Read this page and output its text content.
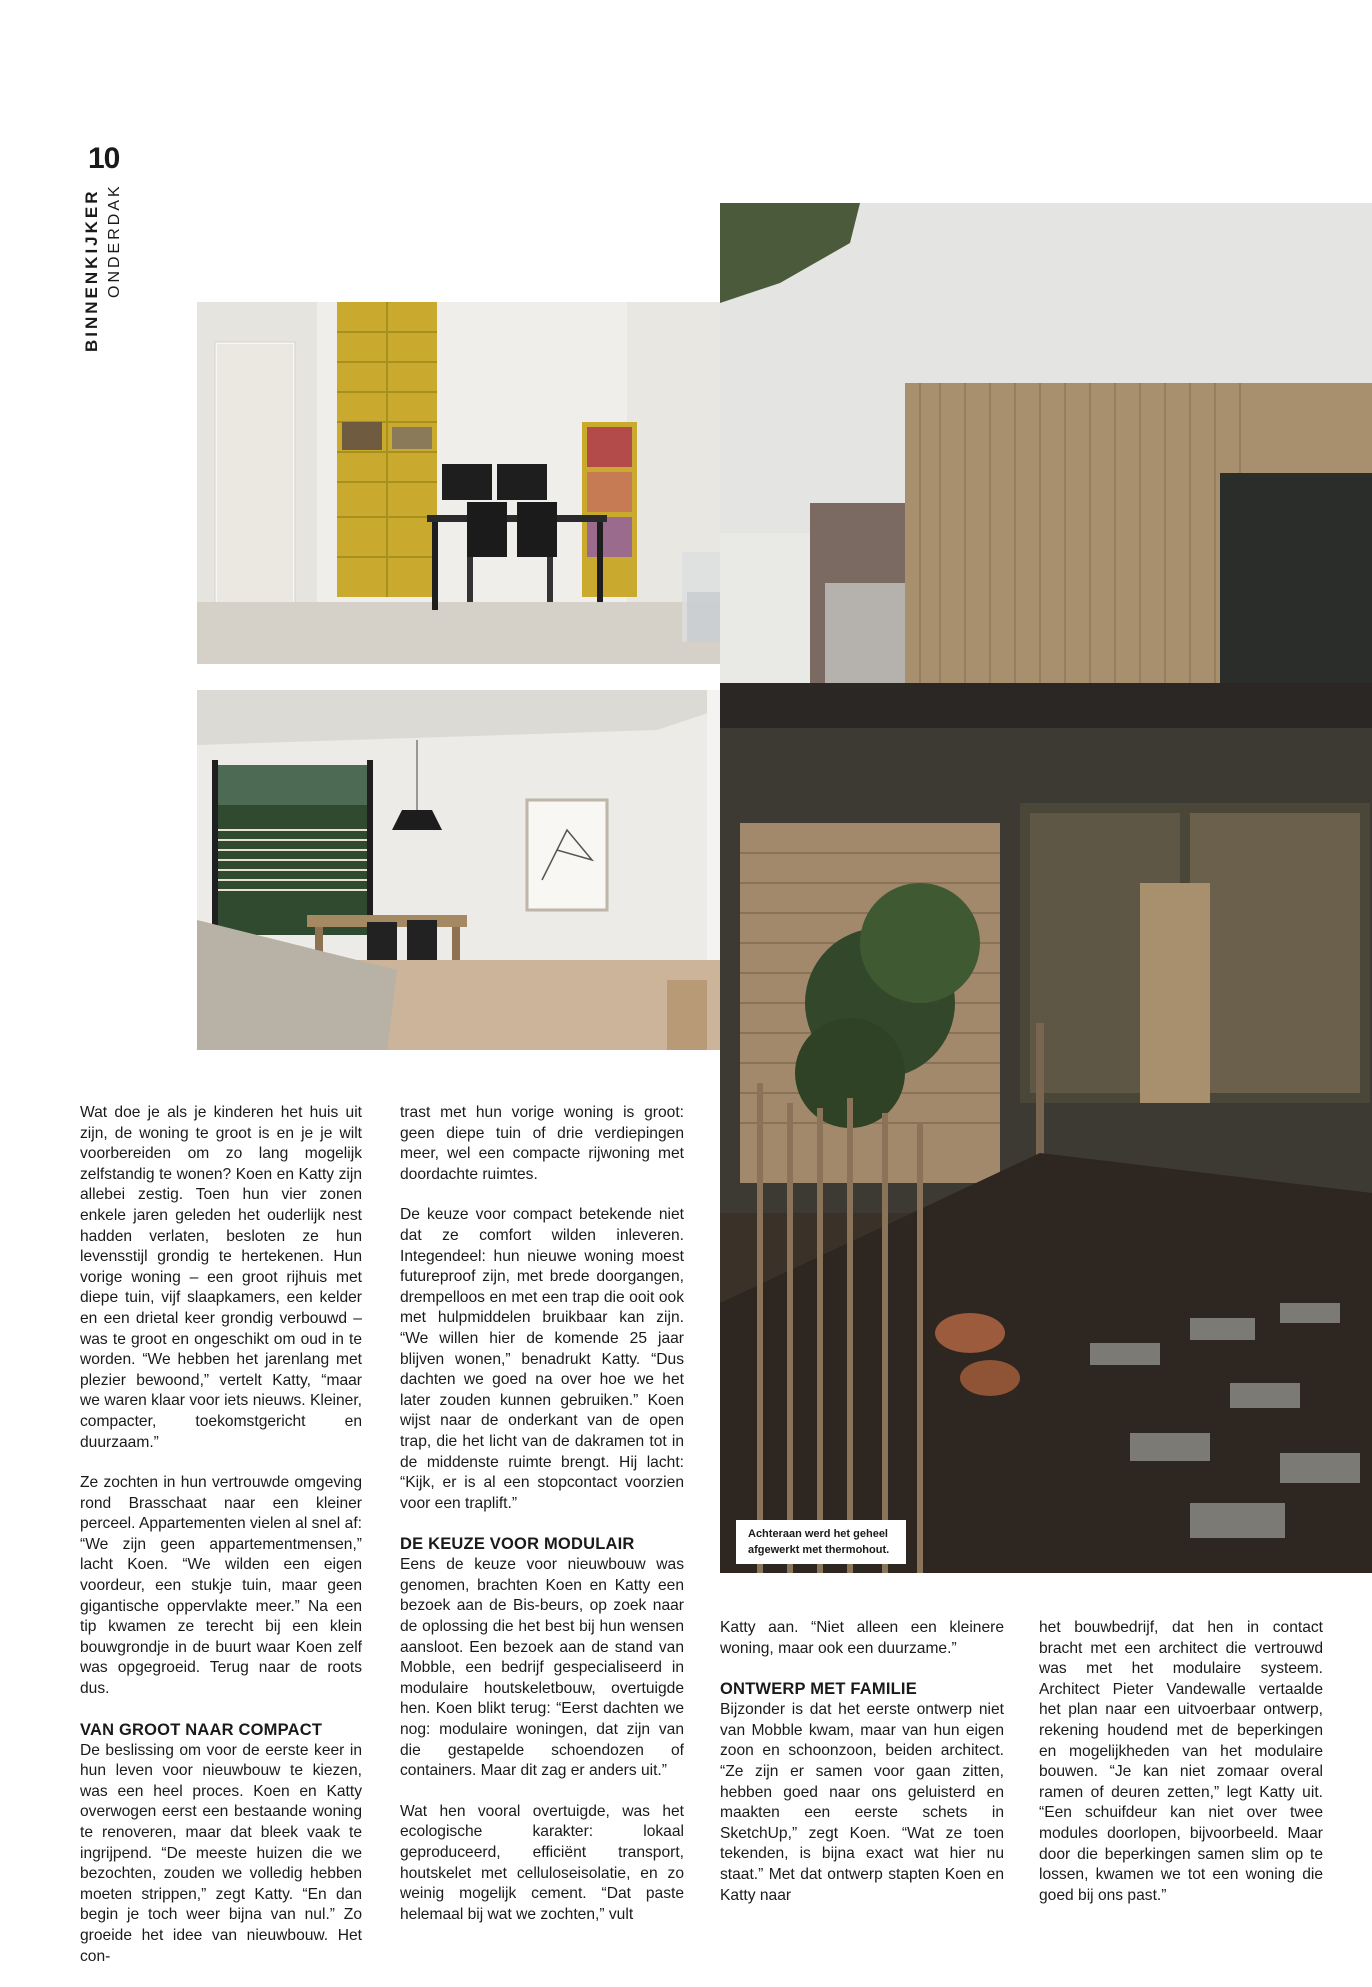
10
BINNENKIJKER ONDERDAK
Achteraan werd het geheel afgewerkt met thermohout.

Wat doe je als je kinderen het huis uit zijn, de woning te groot is en je je wilt voorbereiden om zo lang mogelijk zelfstandig te wonen? Koen en Katty zijn allebei zestig. Toen hun vier zonen enkele jaren geleden het ouderlijk nest hadden verlaten, besloten ze hun levensstijl grondig te hertekenen. Hun vorige woning – een groot rijhuis met diepe tuin, vijf slaapkamers, een kelder en een drietal keer grondig verbouwd – was te groot en ongeschikt om oud in te worden. “We hebben het jarenlang met plezier bewoond,” vertelt Katty, “maar we waren klaar voor iets nieuws. Kleiner, compacter, toekomstgericht en duurzaam.”

Ze zochten in hun vertrouwde omgeving rond Brasschaat naar een kleiner perceel. Appartementen vielen al snel af: “We zijn geen appartementmensen,” lacht Koen. “We wilden een eigen voordeur, een stukje tuin, maar geen gigantische oppervlakte meer.” Na een tip kwamen ze terecht bij een klein bouwgrondje in de buurt waar Koen zelf was opgegroeid. Terug naar de roots dus.

VAN GROOT NAAR COMPACT

De beslissing om voor de eerste keer in hun leven voor nieuwbouw te kiezen, was een heel proces. Koen en Katty overwogen eerst een bestaande woning te renoveren, maar dat bleek vaak te ingrijpend. “De meeste huizen die we bezochten, zouden we volledig hebben moeten strippen,” zegt Katty. “En dan begin je toch weer bijna van nul.” Zo groeide het idee van nieuwbouw. Het con-

trast met hun vorige woning is groot: geen diepe tuin of drie verdiepingen meer, wel een compacte rijwoning met doordachte ruimtes.

De keuze voor compact betekende niet dat ze comfort wilden inleveren. Integendeel: hun nieuwe woning moest futureproof zijn, met brede doorgangen, drempelloos en met een trap die ooit ook met hulpmiddelen bruikbaar kan zijn. “We willen hier de komende 25 jaar blijven wonen,” benadrukt Katty. “Dus dachten we goed na over hoe we het later zouden kunnen gebruiken.” Koen wijst naar de onderkant van de open trap, die het licht van de dakramen tot in de middenste ruimte brengt. Hij lacht: “Kijk, er is al een stopcontact voorzien voor een traplift.”

DE KEUZE VOOR MODULAIR

Eens de keuze voor nieuwbouw was genomen, brachten Koen en Katty een bezoek aan de Bis-beurs, op zoek naar de oplossing die het best bij hun wensen aansloot. Een bezoek aan de stand van Mobble, een bedrijf gespecialiseerd in modulaire houtskeletbouw, overtuigde hen. Koen blikt terug: “Eerst dachten we nog: modulaire woningen, dat zijn van die gestapelde schoendozen of containers. Maar dit zag er anders uit.”

Wat hen vooral overtuigde, was het ecologische karakter: lokaal geproduceerd, efficiënt transport, houtskelet met celluloseisolatie, en zo weinig mogelijk cement. “Dat paste helemaal bij wat we zochten,” vult

Katty aan. “Niet alleen een kleinere woning, maar ook een duurzame.”

ONTWERP MET FAMILIE

Bijzonder is dat het eerste ontwerp niet van Mobble kwam, maar van hun eigen zoon en schoonzoon, beiden architect. “Ze zijn er samen voor gaan zitten, hebben goed naar ons geluisterd en maakten een eerste schets in SketchUp,” zegt Koen. “Wat ze toen tekenden, is bijna exact wat hier nu staat.” Met dat ontwerp stapten Koen en Katty naar

het bouwbedrijf, dat hen in contact bracht met een architect die vertrouwd was met het modulaire systeem. Architect Pieter Vandewalle vertaalde het plan naar een uitvoerbaar ontwerp, rekening houdend met de beperkingen en mogelijkheden van het modulaire bouwen. “Je kan niet zomaar overal ramen of deuren zetten,” legt Katty uit. “Een schuifdeur kan niet over twee modules doorlopen, bijvoorbeeld. Maar door die beperkingen samen slim op te lossen, kwamen we tot een woning die goed bij ons past.”
